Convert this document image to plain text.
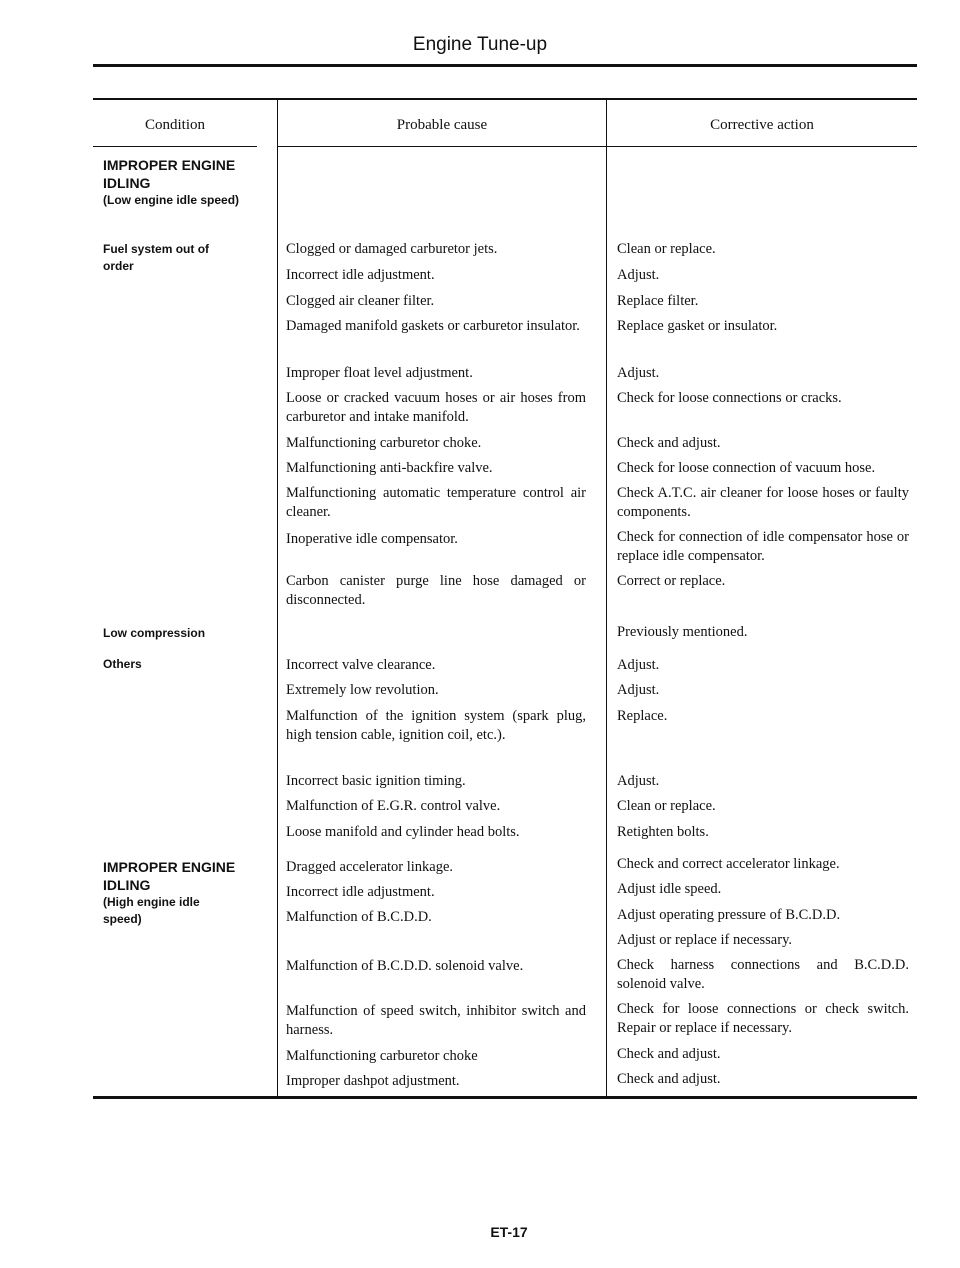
Engine Tune-up
Condition	Probable cause	Corrective action
IMPROPER ENGINE IDLING
(Low engine idle speed)
Fuel system out of order
Low compression
Others
IMPROPER ENGINE IDLING
(High engine idle speed)
Clogged or damaged carburetor jets.
Incorrect idle adjustment.
Clogged air cleaner filter.
Damaged manifold gaskets or carburetor insulator.
Improper float level adjustment.
Loose or cracked vacuum hoses or air hoses from carburetor and intake manifold.
Malfunctioning carburetor choke.
Malfunctioning anti-backfire valve.
Malfunctioning automatic temperature control air cleaner.
Inoperative idle compensator.
Carbon canister purge line hose damaged or disconnected.
Incorrect valve clearance.
Extremely low revolution.
Malfunction of the ignition system (spark plug, high tension cable, ignition coil, etc.).
Incorrect basic ignition timing.
Malfunction of E.G.R. control valve.
Loose manifold and cylinder head bolts.
Dragged accelerator linkage.
Incorrect idle adjustment.
Malfunction of B.C.D.D.
Malfunction of B.C.D.D. solenoid valve.
Malfunction of speed switch, inhibitor switch and harness.
Malfunctioning carburetor choke
Improper dashpot adjustment.
Clean or replace.
Adjust.
Replace filter.
Replace gasket or insulator.
Adjust.
Check for loose connections or cracks.
Check and adjust.
Check for loose connection of vacuum hose.
Check A.T.C. air cleaner for loose hoses or faulty components.
Check for connection of idle compensator hose or replace idle compensator.
Correct or replace.
Previously mentioned.
Adjust.
Adjust.
Replace.
Adjust.
Clean or replace.
Retighten bolts.
Check and correct accelerator linkage.
Adjust idle speed.
Adjust operating pressure of B.C.D.D.
Adjust or replace if necessary.
Check harness connections and B.C.D.D. solenoid valve.
Check for loose connections or check switch. Repair or replace if necessary.
Check and adjust.
Check and adjust.
ET-17
